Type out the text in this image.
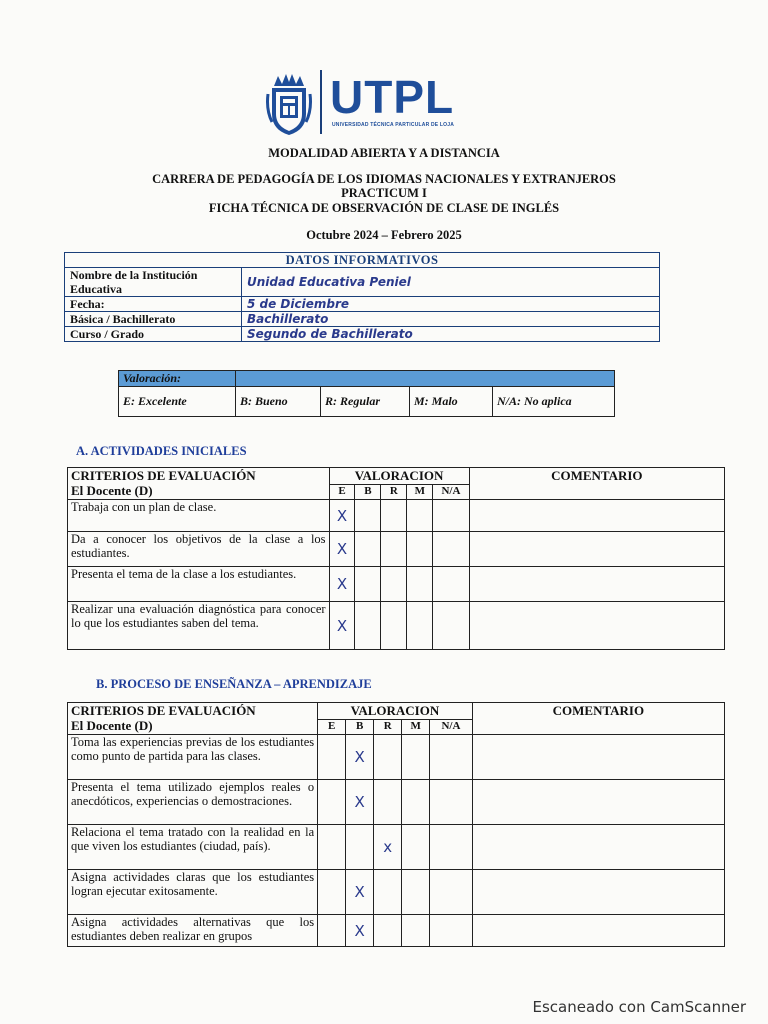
UTPL
UNIVERSIDAD TÉCNICA PARTICULAR DE LOJA
MODALIDAD ABIERTA Y A DISTANCIA
CARRERA DE PEDAGOGÍA DE LOS IDIOMAS NACIONALES Y EXTRANJEROS
PRACTICUM I
FICHA TÉCNICA DE OBSERVACIÓN DE CLASE DE INGLÉS
Octubre 2024 – Febrero 2025
DATOS INFORMATIVOS	
Nombre de la Institución Educativa	Unidad Educativa Peniel
Fecha:	5 de Diciembre
Básica / Bachillerato	Bachillerato
Curso / Grado	Segundo de Bachillerato
Valoración:				
E: Excelente	B: Bueno	R: Regular	M: Malo	N/A: No aplica
A. ACTIVIDADES INICIALES
CRITERIOS DE EVALUACIÓN
El Docente (D)	VALORACION					COMENTARIO
	E	B	R	M	N/A	
Trabaja con un plan de clase.	X					
Da a conocer los objetivos de la clase a los estudiantes.	X					
Presenta el tema de la clase a los estudiantes.	X					
Realizar una evaluación diagnóstica para conocer lo que los estudiantes saben del tema.	X					
B. PROCESO DE ENSEÑANZA – APRENDIZAJE
CRITERIOS DE EVALUACIÓN
El Docente (D)	VALORACION					COMENTARIO
	E	B	R	M	N/A	
Toma las experiencias previas de los estudiantes como punto de partida para las clases.		X				
Presenta el tema utilizado ejemplos reales o anecdóticos, experiencias o demostraciones.		X				
Relaciona el tema tratado con la realidad en la que viven los estudiantes (ciudad, país).			x			
Asigna actividades claras que los estudiantes logran ejecutar exitosamente.		X				
Asigna actividades alternativas que los estudiantes deben realizar en grupos		X				
Escaneado con CamScanner
